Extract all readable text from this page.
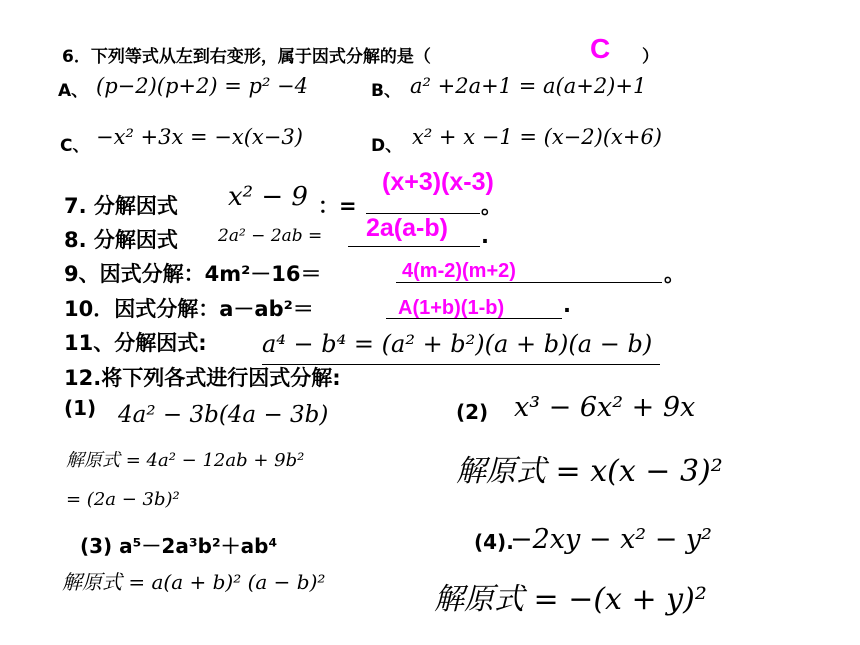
6．下列等式从左到右变形，属于因式分解的是（	C ）
A、 (p−2)(p+2) = p² −4	B、 a² +2a+1 = a(a+2)+1
C、 −x² +3x = −x(x−3)	D、 x² + x −1 = (x−2)(x+6)
7. 分解因式 x² − 9 ：=
(x+3)(x-3)
。
8. 分解因式 2a² − 2ab = 2a(a-b) .
9、因式分解：4m²－16＝	4(m-2)(m+2)	。
10．因式分解：a－ab²＝	A(1+b)(1-b)	.
11、分解因式: a⁴ − b⁴ = (a² + b²)(a + b)(a − b)
12.将下列各式进行因式分解:
(1) 4a² − 3b(4a − 3b)
解原式 = 4a² − 12ab + 9b²
= (2a − 3b)²
(2) x³ − 6x² + 9x
解原式 = x(x − 3)²
(3) a⁵－2a³b²＋ab⁴
解原式 = a(a + b)² (a − b)²
(4).
−2xy − x² − y²
解原式 = −(x + y)²
